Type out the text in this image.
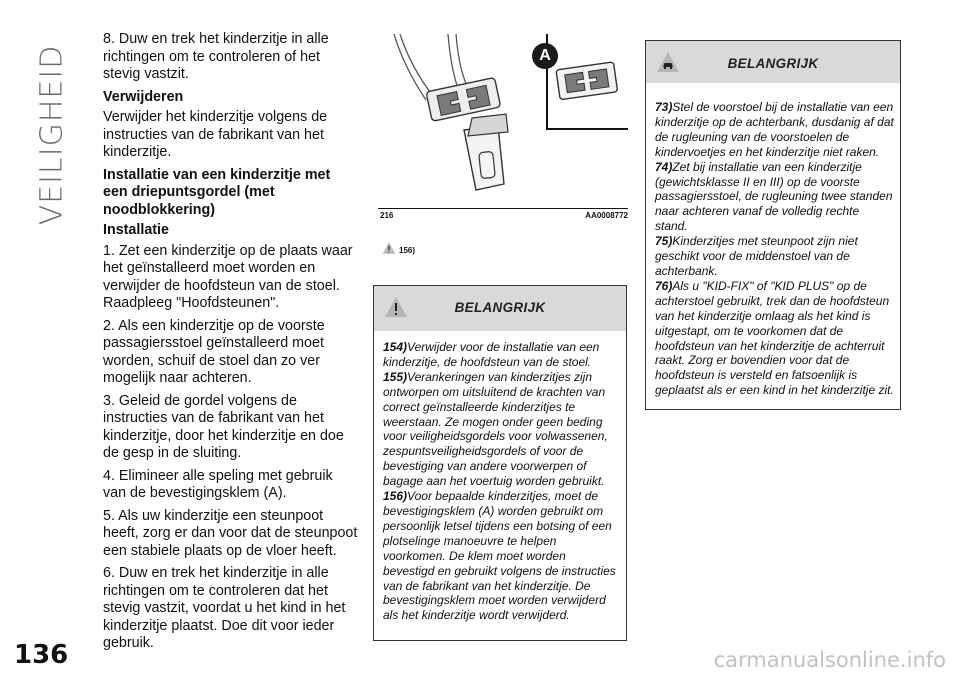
VEILIGHEID

8. Duw en trek het kinderzitje in alle richtingen om te controleren of het stevig vastzit.

Verwijderen

Verwijder het kinderzitje volgens de instructies van de fabrikant van het kinderzitje.

Installatie van een kinderzitje met een driepuntsgordel (met noodblokkering)
Installatie

1. Zet een kinderzitje op de plaats waar het geïnstalleerd moet worden en verwijder de hoofdsteun van de stoel. Raadpleeg "Hoofdsteunen".

2. Als een kinderzitje op de voorste passagiersstoel geïnstalleerd moet worden, schuif de stoel dan zo ver mogelijk naar achteren.

3. Geleid de gordel volgens de instructies van de fabrikant van het kinderzitje, door het kinderzitje en doe de gesp in de sluiting.

4. Elimineer alle speling met gebruik van de bevestigingsklem (A).

5. Als uw kinderzitje een steunpoot heeft, zorg er dan voor dat de steunpoot een stabiele plaats op de vloer heeft.

6. Duw en trek het kinderzitje in alle richtingen om te controleren dat het stevig vastzit, voordat u het kind in het kinderzitje plaatst. Doe dit voor ieder gebruik.

A
216	AA0008772
156)
BELANGRIJK

154)Verwijder voor de installatie van een kinderzitje, de hoofdsteun van de stoel.

155)Verankeringen van kinderzitjes zijn ontworpen om uitsluitend de krachten van correct geïnstalleerde kinderzitjes te weerstaan. Ze mogen onder geen beding voor veiligheidsgordels voor volwassenen, zespuntsveiligheidsgordels of voor de bevestiging van andere voorwerpen of bagage aan het voertuig worden gebruikt.

156)Voor bepaalde kinderzitjes, moet de bevestigingsklem (A) worden gebruikt om persoonlijk letsel tijdens een botsing of een plotselinge manoeuvre te helpen voorkomen. De klem moet worden bevestigd en gebruikt volgens de instructies van de fabrikant van het kinderzitje. De bevestigingsklem moet worden verwijderd als het kinderzitje wordt verwijderd.

BELANGRIJK

73)Stel de voorstoel bij de installatie van een kinderzitje op de achterbank, dusdanig af dat de rugleuning van de voorstoelen de kindervoetjes en het kinderzitje niet raken.

74)Zet bij installatie van een kinderzitje (gewichtsklasse II en III) op de voorste passagiersstoel, de rugleuning twee standen naar achteren vanaf de volledig rechte stand.

75)Kinderzitjes met steunpoot zijn niet geschikt voor de middenstoel van de achterbank.

76)Als u "KID-FIX" of "KID PLUS" op de achterstoel gebruikt, trek dan de hoofdsteun van het kinderzitje omlaag als het kind is uitgestapt, om te voorkomen dat de hoofdsteun van het kinderzitje de achterruit raakt. Zorg er bovendien voor dat de hoofdsteun is versteld en fatsoenlijk is geplaatst als er een kind in het kinderzitje zit.

136	carmanualsonline.info
